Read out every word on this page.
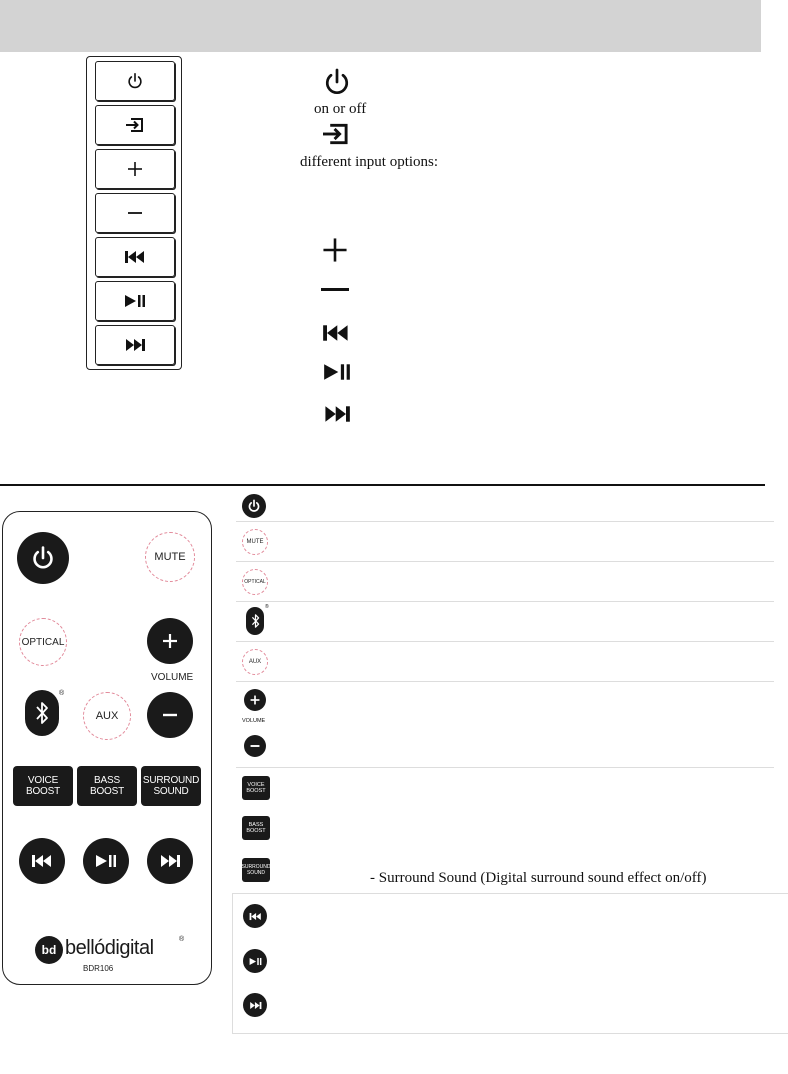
on or off
different input options:
MUTE
OPTICAL
VOLUME
®
AUX
VOICE
BOOST
BASS
BOOST
SURROUND
SOUND
bd bellódigital	®
BDR106
MUTE
OPTICAL
®
AUX
VOLUME
VOICE
BOOST
BASS
BOOST
SURROUND
SOUND	- Surround Sound (Digital surround sound effect on/off)
